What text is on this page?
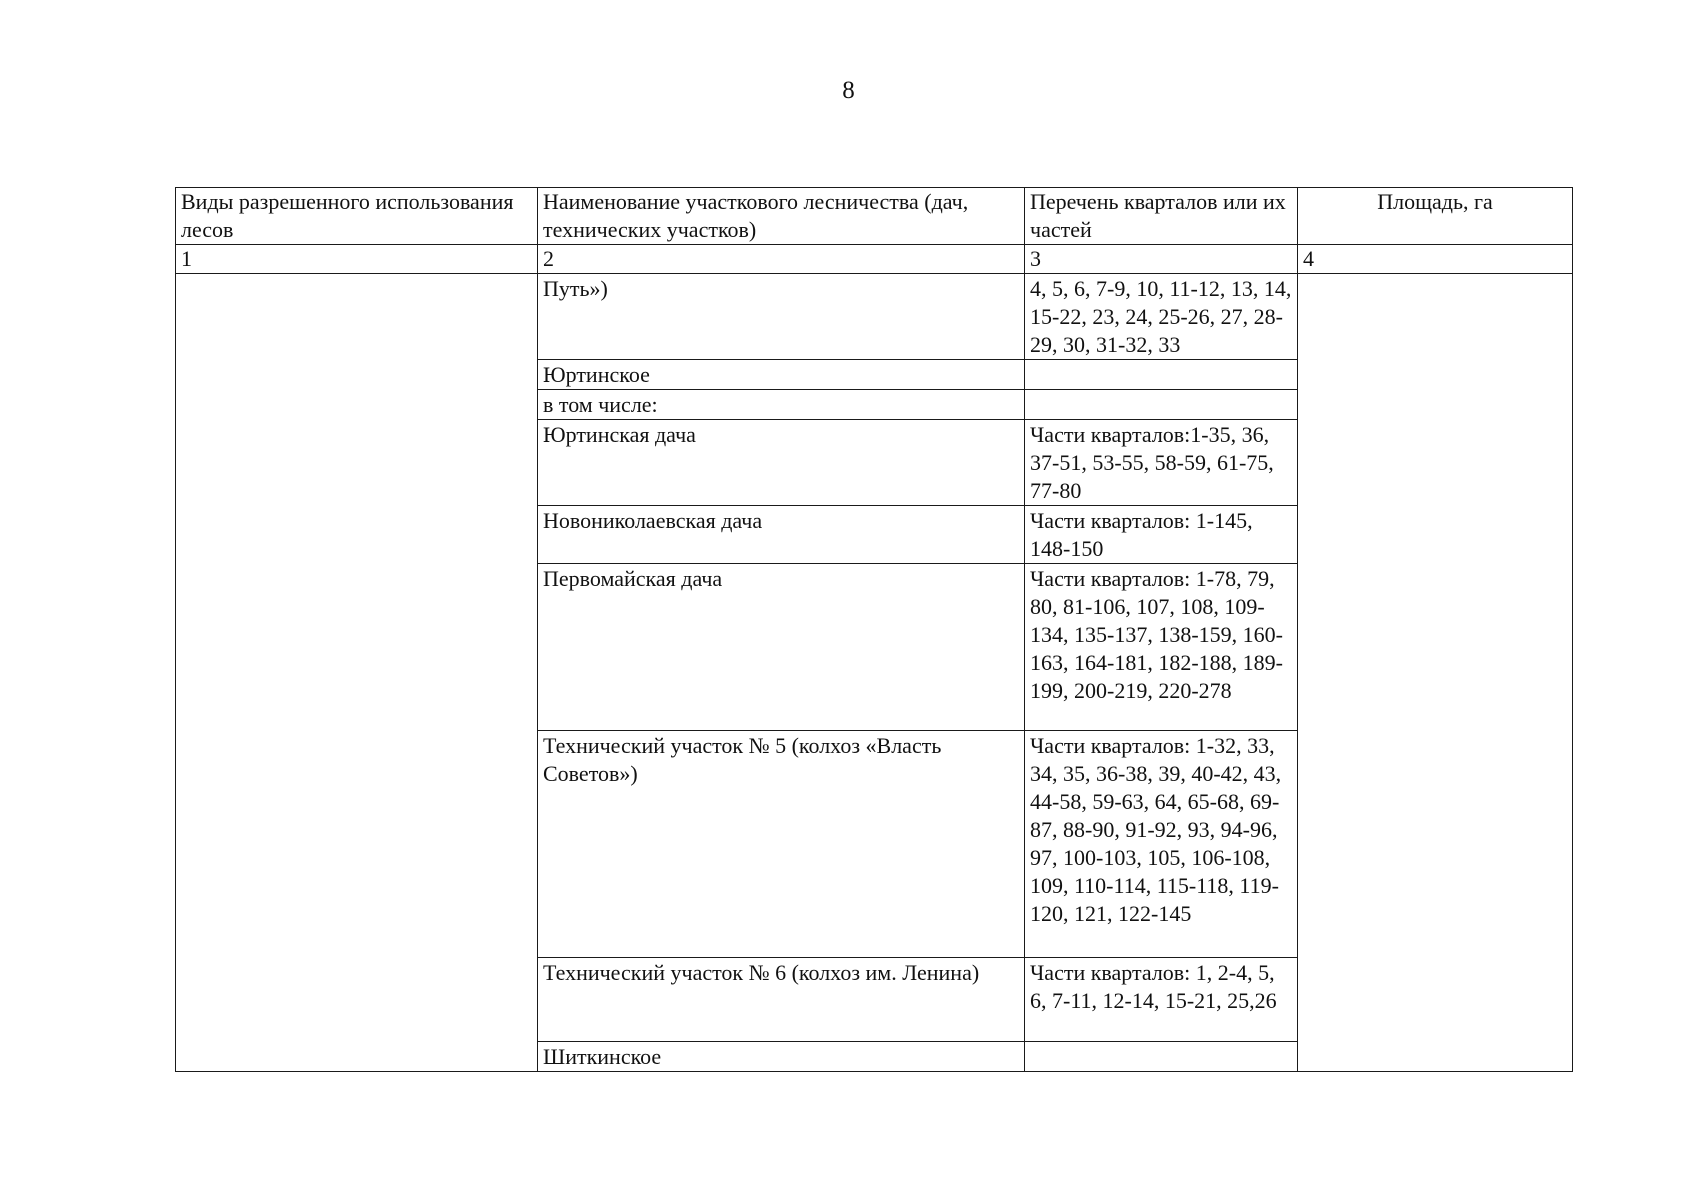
8
Виды разрешенного использования лесов	Наименование участкового лесничества (дач, технических участков)	Перечень кварталов или их частей	Площадь, га
1	2	3	4
	Путь»)	4, 5, 6, 7-9, 10, 11-12, 13, 14, 15-22, 23, 24, 25-26, 27, 28-29, 30, 31-32, 33	
	Юртинское		
	в том числе:		
	Юртинская дача	Части кварталов:1-35, 36, 37-51, 53-55, 58-59, 61-75, 77-80	
	Новониколаевская дача	Части кварталов: 1-145, 148-150	
	Первомайская дача	Части кварталов: 1-78, 79, 80, 81-106, 107, 108, 109-134, 135-137, 138-159, 160-163, 164-181, 182-188, 189-199, 200-219, 220-278	
	Технический участок № 5 (колхоз «Власть Советов»)	Части кварталов: 1-32, 33, 34, 35, 36-38, 39, 40-42, 43, 44-58, 59-63, 64, 65-68, 69-87, 88-90, 91-92, 93, 94-96, 97, 100-103, 105, 106-108, 109, 110-114, 115-118, 119-120, 121, 122-145	
	Технический участок № 6 (колхоз им. Ленина)	Части кварталов: 1, 2-4, 5, 6, 7-11, 12-14, 15-21, 25,26	
	Шиткинское		
